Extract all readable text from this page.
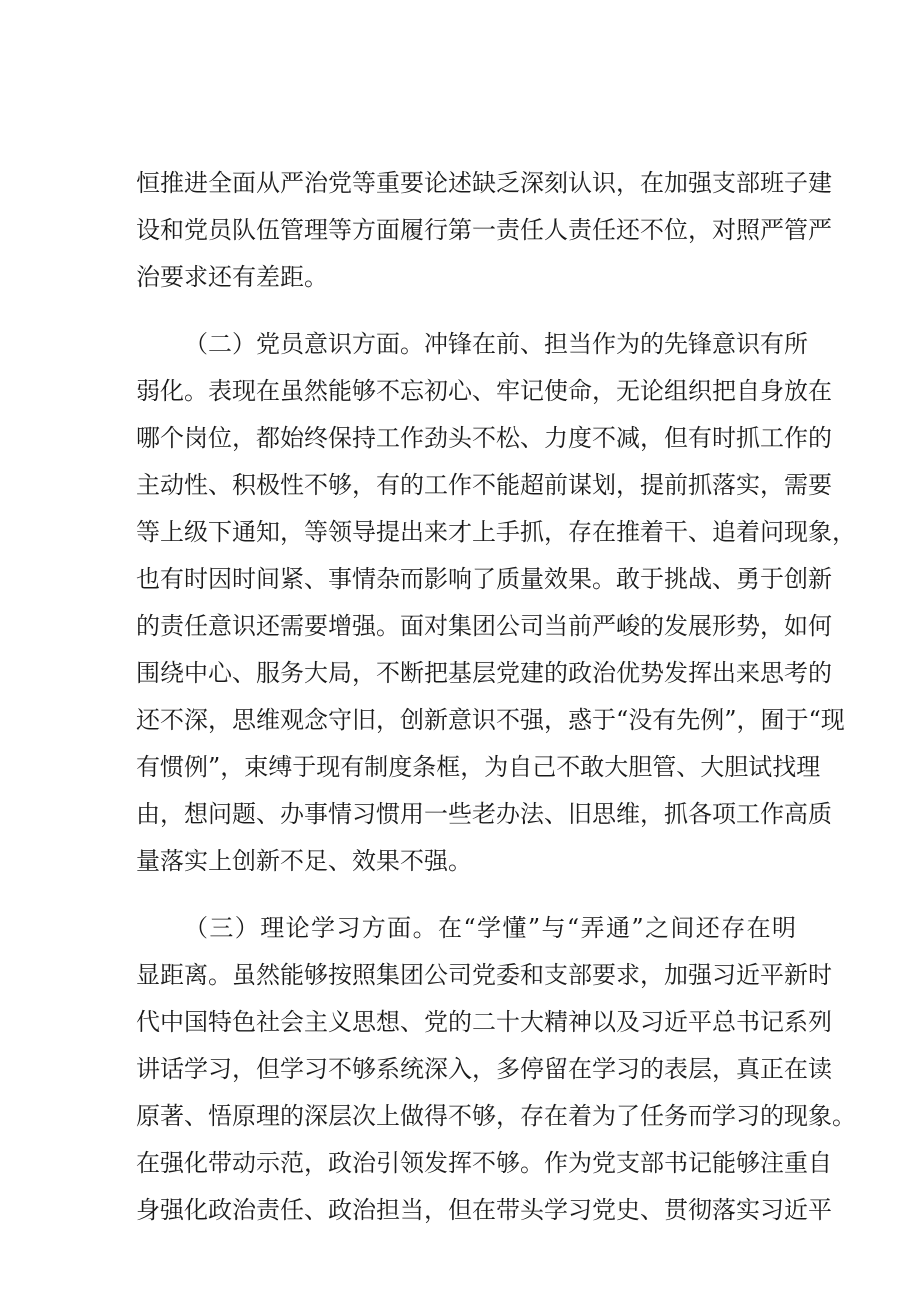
恒推进全面从严治党等重要论述缺乏深刻认识，在加强支部班子建
设和党员队伍管理等方面履行第一责任人责任还不位，对照严管严
治要求还有差距。
（二）党员意识方面。冲锋在前、担当作为的先锋意识有所
弱化。表现在虽然能够不忘初心、牢记使命，无论组织把自身放在
哪个岗位，都始终保持工作劲头不松、力度不减，但有时抓工作的
主动性、积极性不够，有的工作不能超前谋划，提前抓落实，需要
等上级下通知，等领导提出来才上手抓，存在推着干、追着问现象，
也有时因时间紧、事情杂而影响了质量效果。敢于挑战、勇于创新
的责任意识还需要增强。面对集团公司当前严峻的发展形势，如何
围绕中心、服务大局，不断把基层党建的政治优势发挥出来思考的
还不深，思维观念守旧，创新意识不强，惑于“没有先例”，囿于“现
有惯例”，束缚于现有制度条框，为自己不敢大胆管、大胆试找理
由，想问题、办事情习惯用一些老办法、旧思维，抓各项工作高质
量落实上创新不足、效果不强。
（三）理论学习方面。在“学懂”与“弄通”之间还存在明
显距离。虽然能够按照集团公司党委和支部要求，加强习近平新时
代中国特色社会主义思想、党的二十大精神以及习近平总书记系列
讲话学习，但学习不够系统深入，多停留在学习的表层，真正在读
原著、悟原理的深层次上做得不够，存在着为了任务而学习的现象。
在强化带动示范，政治引领发挥不够。作为党支部书记能够注重自
身强化政治责任、政治担当，但在带头学习党史、贯彻落实习近平
